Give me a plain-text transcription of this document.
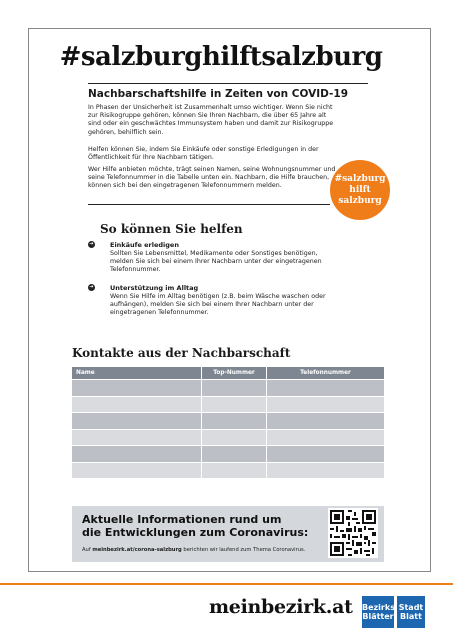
#salzburghilftsalzburg
Nachbarschaftshilfe in Zeiten von COVID-19
In Phasen der Unsicherheit ist Zusammenhalt umso wichtiger. Wenn Sie nicht zur Risikogruppe gehören, können Sie Ihren Nachbarn, die über 65 Jahre alt sind oder ein geschwächtes Immunsystem haben und damit zur Risikogruppe gehören, behilflich sein.
Helfen können Sie, indem Sie Einkäufe oder sonstige Erledigungen in der Öffentlichkeit für Ihre Nachbarn tätigen.
Wer Hilfe anbieten möchte, trägt seinen Namen, seine Wohnungsnummer und seine Telefonnummer in die Tabelle unten ein. Nachbarn, die Hilfe brauchen, können sich bei den eingetragenen Telefonnummern melden.
#salzburg
hilft
salzburg
So können Sie helfen
➔	Einkäufe erledigen
Sollten Sie Lebensmittel, Medikamente oder Sonstiges benötigen, melden Sie sich bei einem Ihrer Nachbarn unter der eingetragenen Telefonnummer.
➔	Unterstützung im Alltag
Wenn Sie Hilfe im Alltag benötigen (z.B. beim Wäsche waschen oder aufhängen), melden Sie sich bei einem Ihrer Nachbarn unter der eingetragenen Telefonnummer.
Kontakte aus der Nachbarschaft
Name	Top-Nummer	Telefonnummer
Aktuelle Informationen rund um
die Entwicklungen zum Coronavirus:
Auf meinbezirk.at/corona-salzburg berichten wir laufend zum Thema Coronavirus.
meinbezirk.at Bezirks
Blätter
Stadt
Blatt
